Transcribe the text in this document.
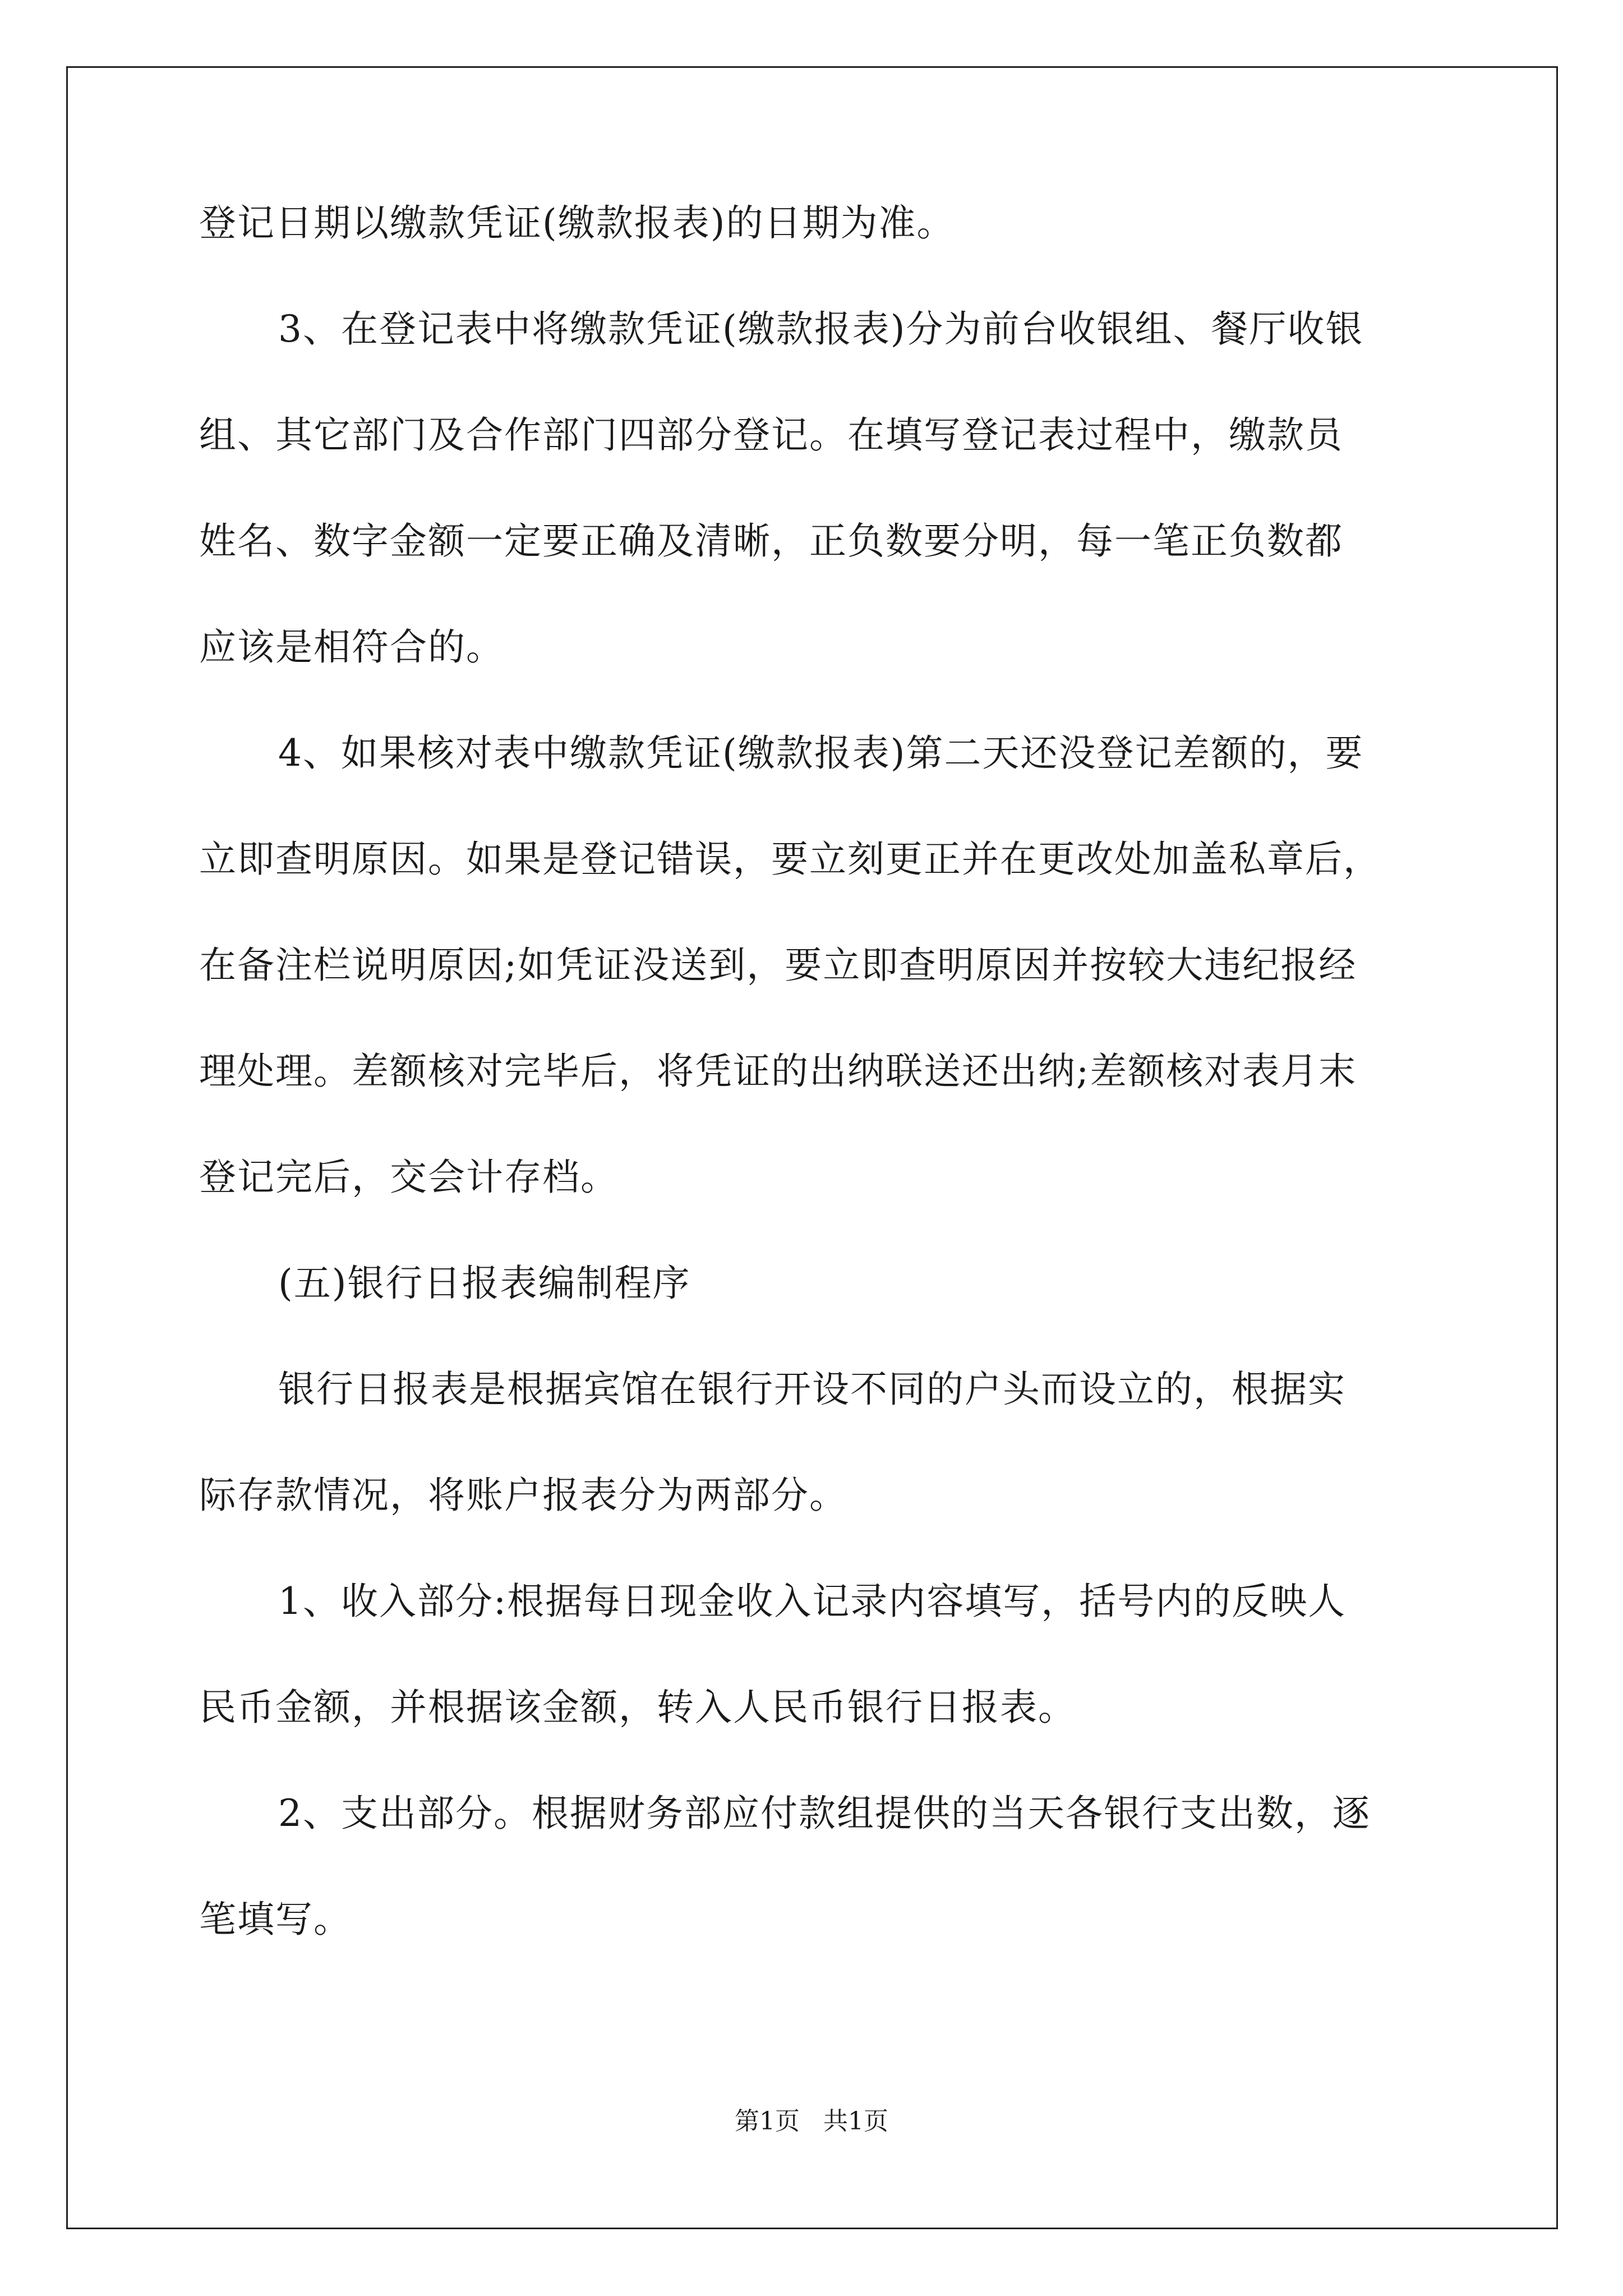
登记日期以缴款凭证(缴款报表)的日期为准。
3、在登记表中将缴款凭证(缴款报表)分为前台收银组、餐厅收银
组、其它部门及合作部门四部分登记。在填写登记表过程中，缴款员
姓名、数字金额一定要正确及清晰，正负数要分明，每一笔正负数都
应该是相符合的。
4、如果核对表中缴款凭证(缴款报表)第二天还没登记差额的，要
立即查明原因。如果是登记错误，要立刻更正并在更改处加盖私章后，
在备注栏说明原因;如凭证没送到，要立即查明原因并按较大违纪报经
理处理。差额核对完毕后，将凭证的出纳联送还出纳;差额核对表月末
登记完后，交会计存档。
(五)银行日报表编制程序
银行日报表是根据宾馆在银行开设不同的户头而设立的，根据实
际存款情况，将账户报表分为两部分。
1、收入部分:根据每日现金收入记录内容填写，括号内的反映人
民币金额，并根据该金额，转入人民币银行日报表。
2、支出部分。根据财务部应付款组提供的当天各银行支出数，逐
笔填写。
第1页   共1页
